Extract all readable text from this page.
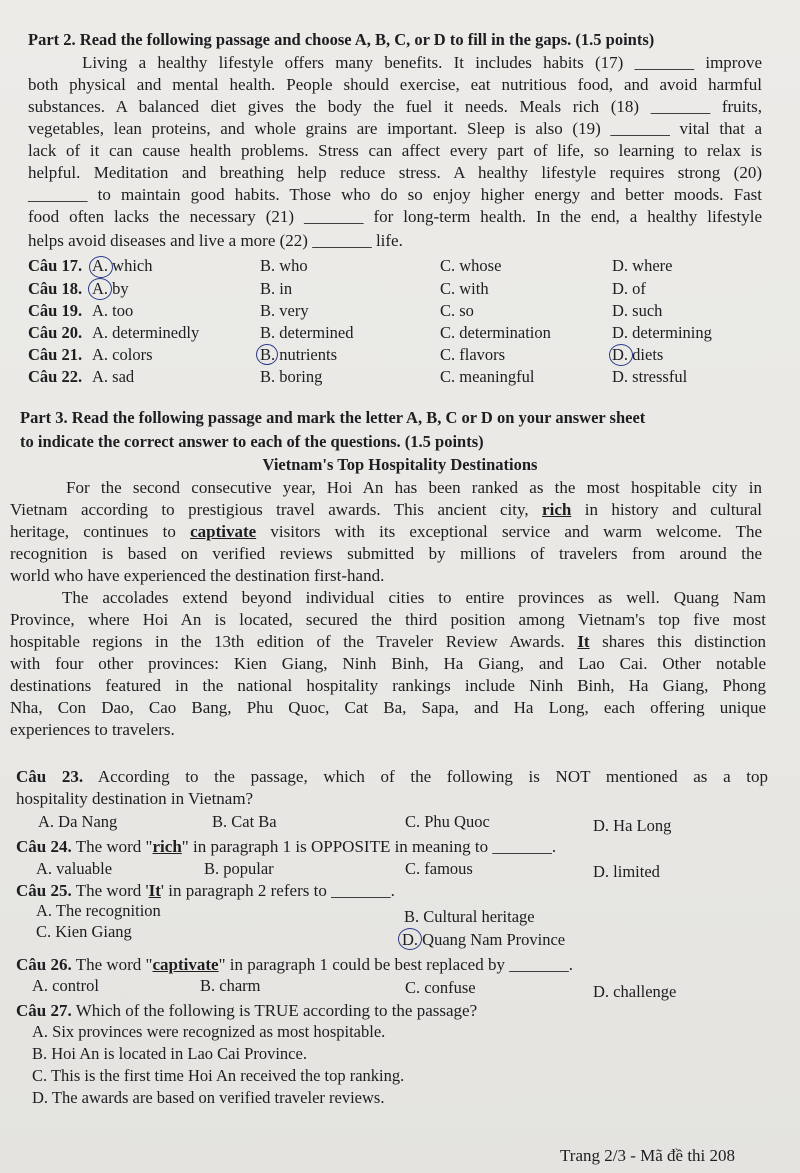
Part 2. Read the following passage and choose A, B, C, or D to fill in the gaps. (1.5 points)
Living a healthy lifestyle offers many benefits. It includes habits (17) _______ improve
both physical and mental health. People should exercise, eat nutritious food, and avoid harmful
substances. A balanced diet gives the body the fuel it needs. Meals rich (18) _______ fruits,
vegetables, lean proteins, and whole grains are important. Sleep is also (19) _______ vital that a
lack of it can cause health problems. Stress can affect every part of life, so learning to relax is
helpful. Meditation and breathing help reduce stress. A healthy lifestyle requires strong (20)
_______ to maintain good habits. Those who do so enjoy higher energy and better moods. Fast
food often lacks the necessary (21) _______ for long-term health. In the end, a healthy lifestyle
helps avoid diseases and live a more (22) _______ life.
Câu 17. A. which	B. who	C. whose	D. where
Câu 18. A. by	B. in	C. with	D. of
Câu 19. A. too	B. very	C. so	D. such
Câu 20. A. determinedly	B. determined	C. determination	D. determining
Câu 21. A. colors	B. nutrients	C. flavors	D. diets
Câu 22. A. sad	B. boring	C. meaningful	D. stressful
Part 3. Read the following passage and mark the letter A, B, C or D on your answer sheet
to indicate the correct answer to each of the questions. (1.5 points)
Vietnam's Top Hospitality Destinations
For the second consecutive year, Hoi An has been ranked as the most hospitable city in
Vietnam according to prestigious travel awards. This ancient city, rich in history and cultural
heritage, continues to captivate visitors with its exceptional service and warm welcome. The
recognition is based on verified reviews submitted by millions of travelers from around the
world who have experienced the destination first-hand.
The accolades extend beyond individual cities to entire provinces as well. Quang Nam
Province, where Hoi An is located, secured the third position among Vietnam's top five most
hospitable regions in the 13th edition of the Traveler Review Awards. It shares this distinction
with four other provinces: Kien Giang, Ninh Binh, Ha Giang, and Lao Cai. Other notable
destinations featured in the national hospitality rankings include Ninh Binh, Ha Giang, Phong
Nha, Con Dao, Cao Bang, Phu Quoc, Cat Ba, Sapa, and Ha Long, each offering unique
experiences to travelers.
Câu 23. According to the passage, which of the following is NOT mentioned as a top
hospitality destination in Vietnam?
A. Da Nang	B. Cat Ba	C. Phu Quoc	D. Ha Long
Câu 24. The word "rich" in paragraph 1 is OPPOSITE in meaning to _______.
A. valuable	B. popular	C. famous	D. limited
Câu 25. The word 'It' in paragraph 2 refers to _______.
A. The recognition	B. Cultural heritage
C. Kien Giang	D. Quang Nam Province
Câu 26. The word "captivate" in paragraph 1 could be best replaced by _______.
A. control	B. charm	C. confuse	D. challenge
Câu 27. Which of the following is TRUE according to the passage?
A. Six provinces were recognized as most hospitable.
B. Hoi An is located in Lao Cai Province.
C. This is the first time Hoi An received the top ranking.
D. The awards are based on verified traveler reviews.
Trang 2/3 - Mã đề thi 208
